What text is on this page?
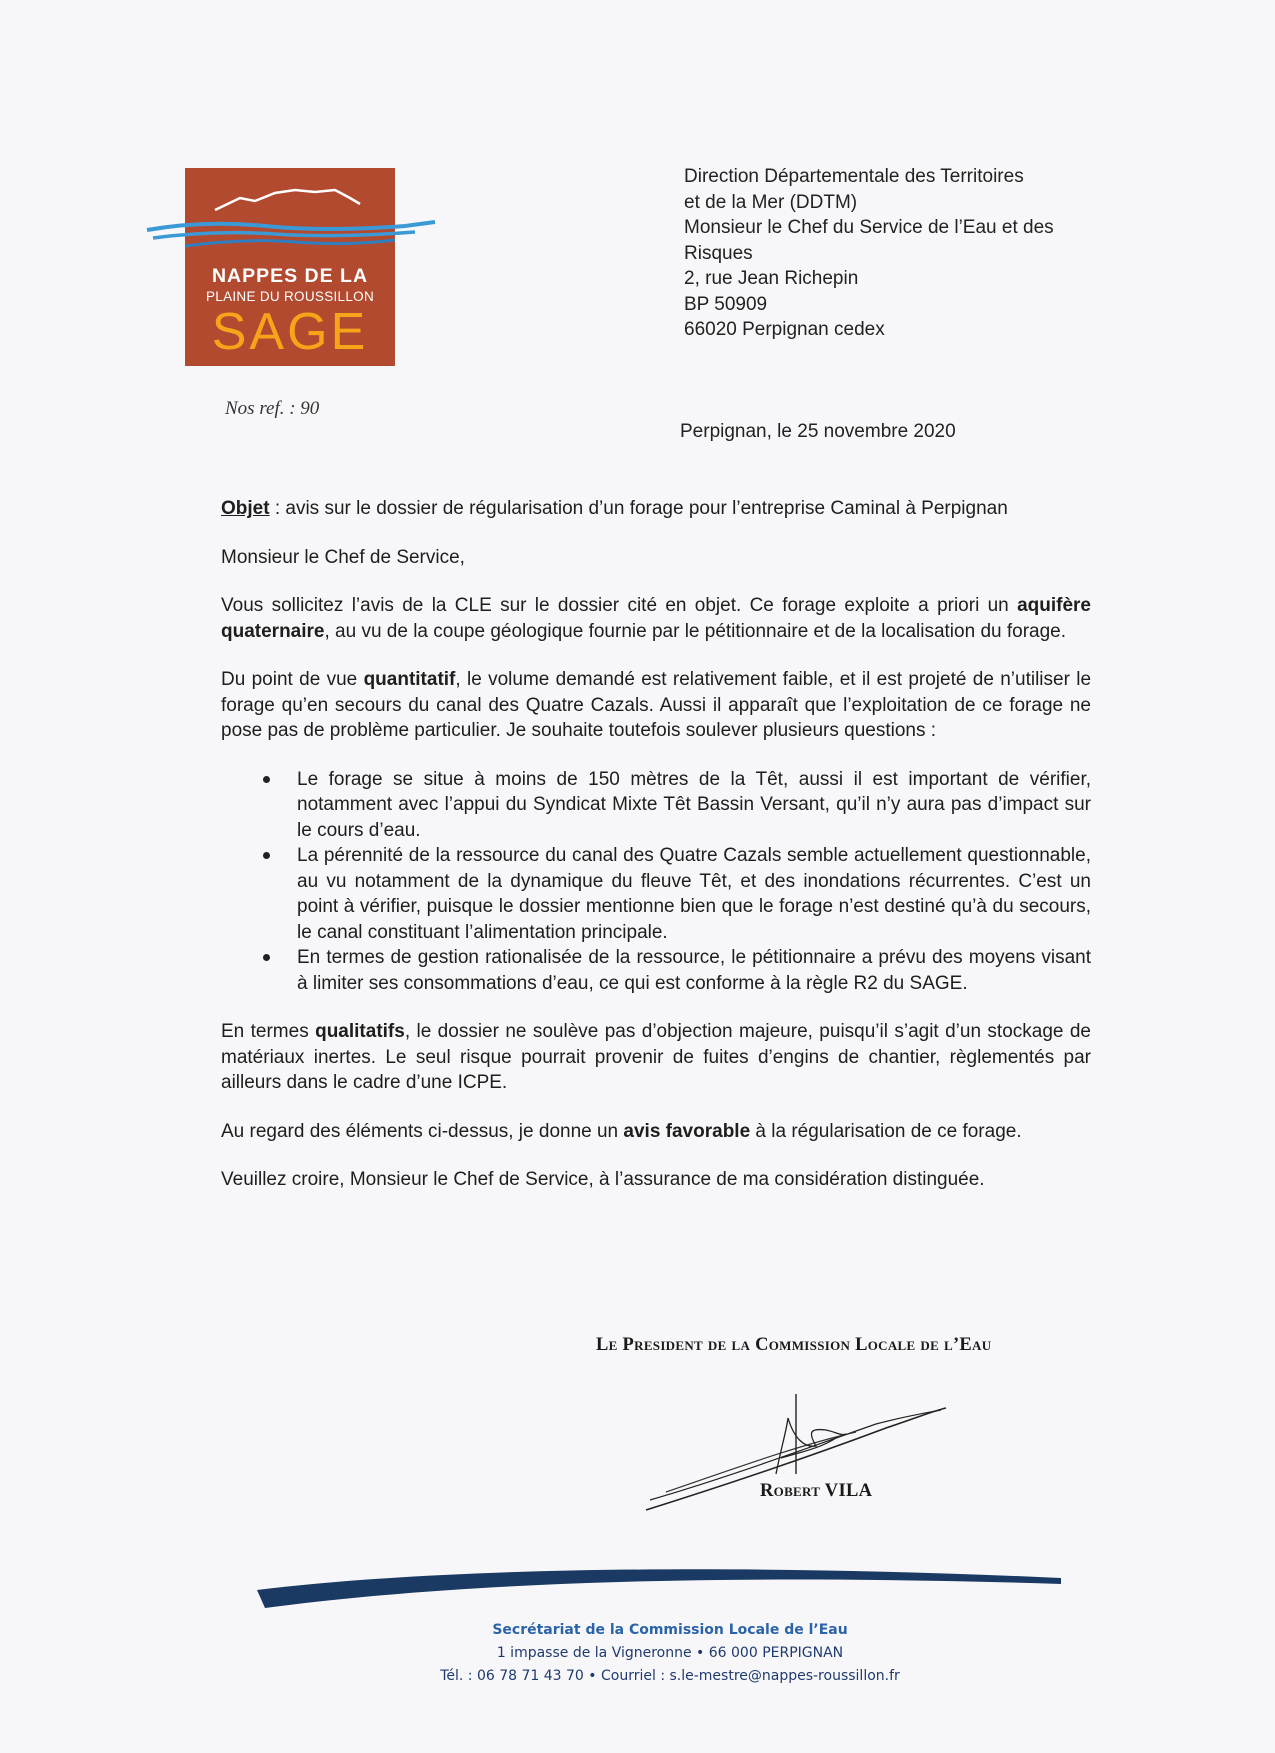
NAPPES DE LA
PLAINE DU ROUSSILLON
SAGE
Direction Départementale des Territoires
et de la Mer (DDTM)
Monsieur le Chef du Service de l’Eau et des
Risques
2, rue Jean Richepin
BP 50909
66020 Perpignan cedex
Nos ref. : 90
Perpignan, le 25 novembre 2020

Objet : avis sur le dossier de régularisation d’un forage pour l’entreprise Caminal à Perpignan

Monsieur le Chef de Service,

Vous sollicitez l’avis de la CLE sur le dossier cité en objet. Ce forage exploite a priori un aquifère quaternaire, au vu de la coupe géologique fournie par le pétitionnaire et de la localisation du forage.

Du point de vue quantitatif, le volume demandé est relativement faible, et il est projeté de n’utiliser le forage qu’en secours du canal des Quatre Cazals. Aussi il apparaît que l’exploitation de ce forage ne pose pas de problème particulier. Je souhaite toutefois soulever plusieurs questions :

Le forage se situe à moins de 150 mètres de la Têt, aussi il est important de vérifier, notamment avec l’appui du Syndicat Mixte Têt Bassin Versant, qu’il n’y aura pas d’impact sur le cours d’eau.
La pérennité de la ressource du canal des Quatre Cazals semble actuellement questionnable, au vu notamment de la dynamique du fleuve Têt, et des inondations récurrentes. C’est un point à vérifier, puisque le dossier mentionne bien que le forage n’est destiné qu’à du secours, le canal constituant l’alimentation principale.
En termes de gestion rationalisée de la ressource, le pétitionnaire a prévu des moyens visant à limiter ses consommations d’eau, ce qui est conforme à la règle R2 du SAGE.

En termes qualitatifs, le dossier ne soulève pas d’objection majeure, puisqu’il s’agit d’un stockage de matériaux inertes. Le seul risque pourrait provenir de fuites d’engins de chantier, règlementés par ailleurs dans le cadre d’une ICPE.

Au regard des éléments ci-dessus, je donne un avis favorable à la régularisation de ce forage.

Veuillez croire, Monsieur le Chef de Service, à l’assurance de ma considération distinguée.

Le President de la Commission Locale de l’Eau
Robert VILA
Secrétariat de la Commission Locale de l’Eau
1 impasse de la Vigneronne • 66 000 PERPIGNAN
Tél. : 06 78 71 43 70 • Courriel : s.le-mestre@nappes-roussillon.fr
